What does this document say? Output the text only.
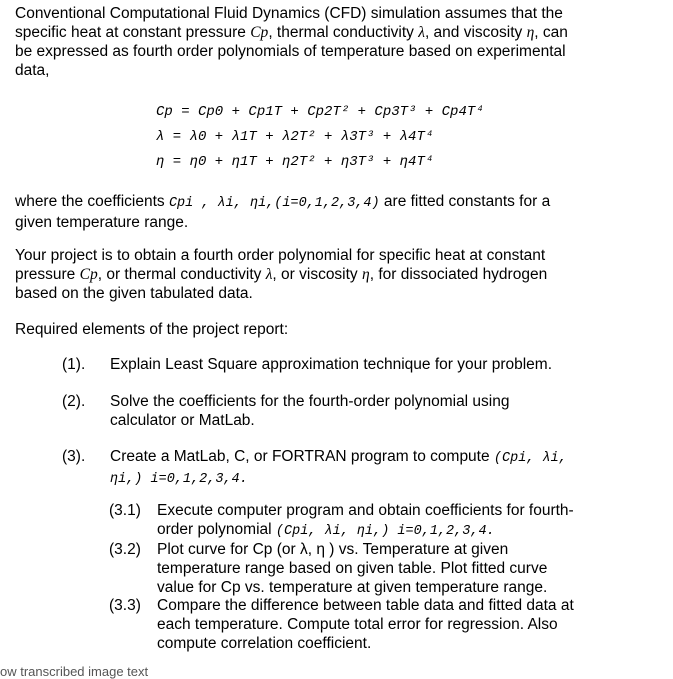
Conventional Computational Fluid Dynamics (CFD) simulation assumes that the
specific heat at constant pressure Cp, thermal conductivity λ, and viscosity η, can
be expressed as fourth order polynomials of temperature based on experimental
data,

Cp = Cp0 + Cp1T + Cp2T² + Cp3T³ + Cp4T⁴
λ = λ0 + λ1T + λ2T² + λ3T³ + λ4T⁴
η = η0 + η1T + η2T² + η3T³ + η4T⁴

where the coefficients Cpi , λi, ηi,(i=0,1,2,3,4) are fitted constants for a
given temperature range.

Your project is to obtain a fourth order polynomial for specific heat at constant
pressure Cp, or thermal conductivity λ, or viscosity η, for dissociated hydrogen
based on the given tabulated data.

Required elements of the project report:

(1). Explain Least Square approximation technique for your problem.
(2). Solve the coefficients for the fourth-order polynomial using calculator or MatLab.
(3). Create a MatLab, C, or FORTRAN program to compute (Cpi, λi, ηi,) i=0,1,2,3,4.
(3.1) Execute computer program and obtain coefficients for fourth-order polynomial (Cpi, λi, ηi,) i=0,1,2,3,4.
(3.2) Plot curve for Cp (or λ, η ) vs. Temperature at given temperature range based on given table. Plot fitted curve value for Cp vs. temperature at given temperature range.
(3.3) Compare the difference between table data and fitted data at each temperature. Compute total error for regression. Also compute correlation coefficient.
ow transcribed image text
